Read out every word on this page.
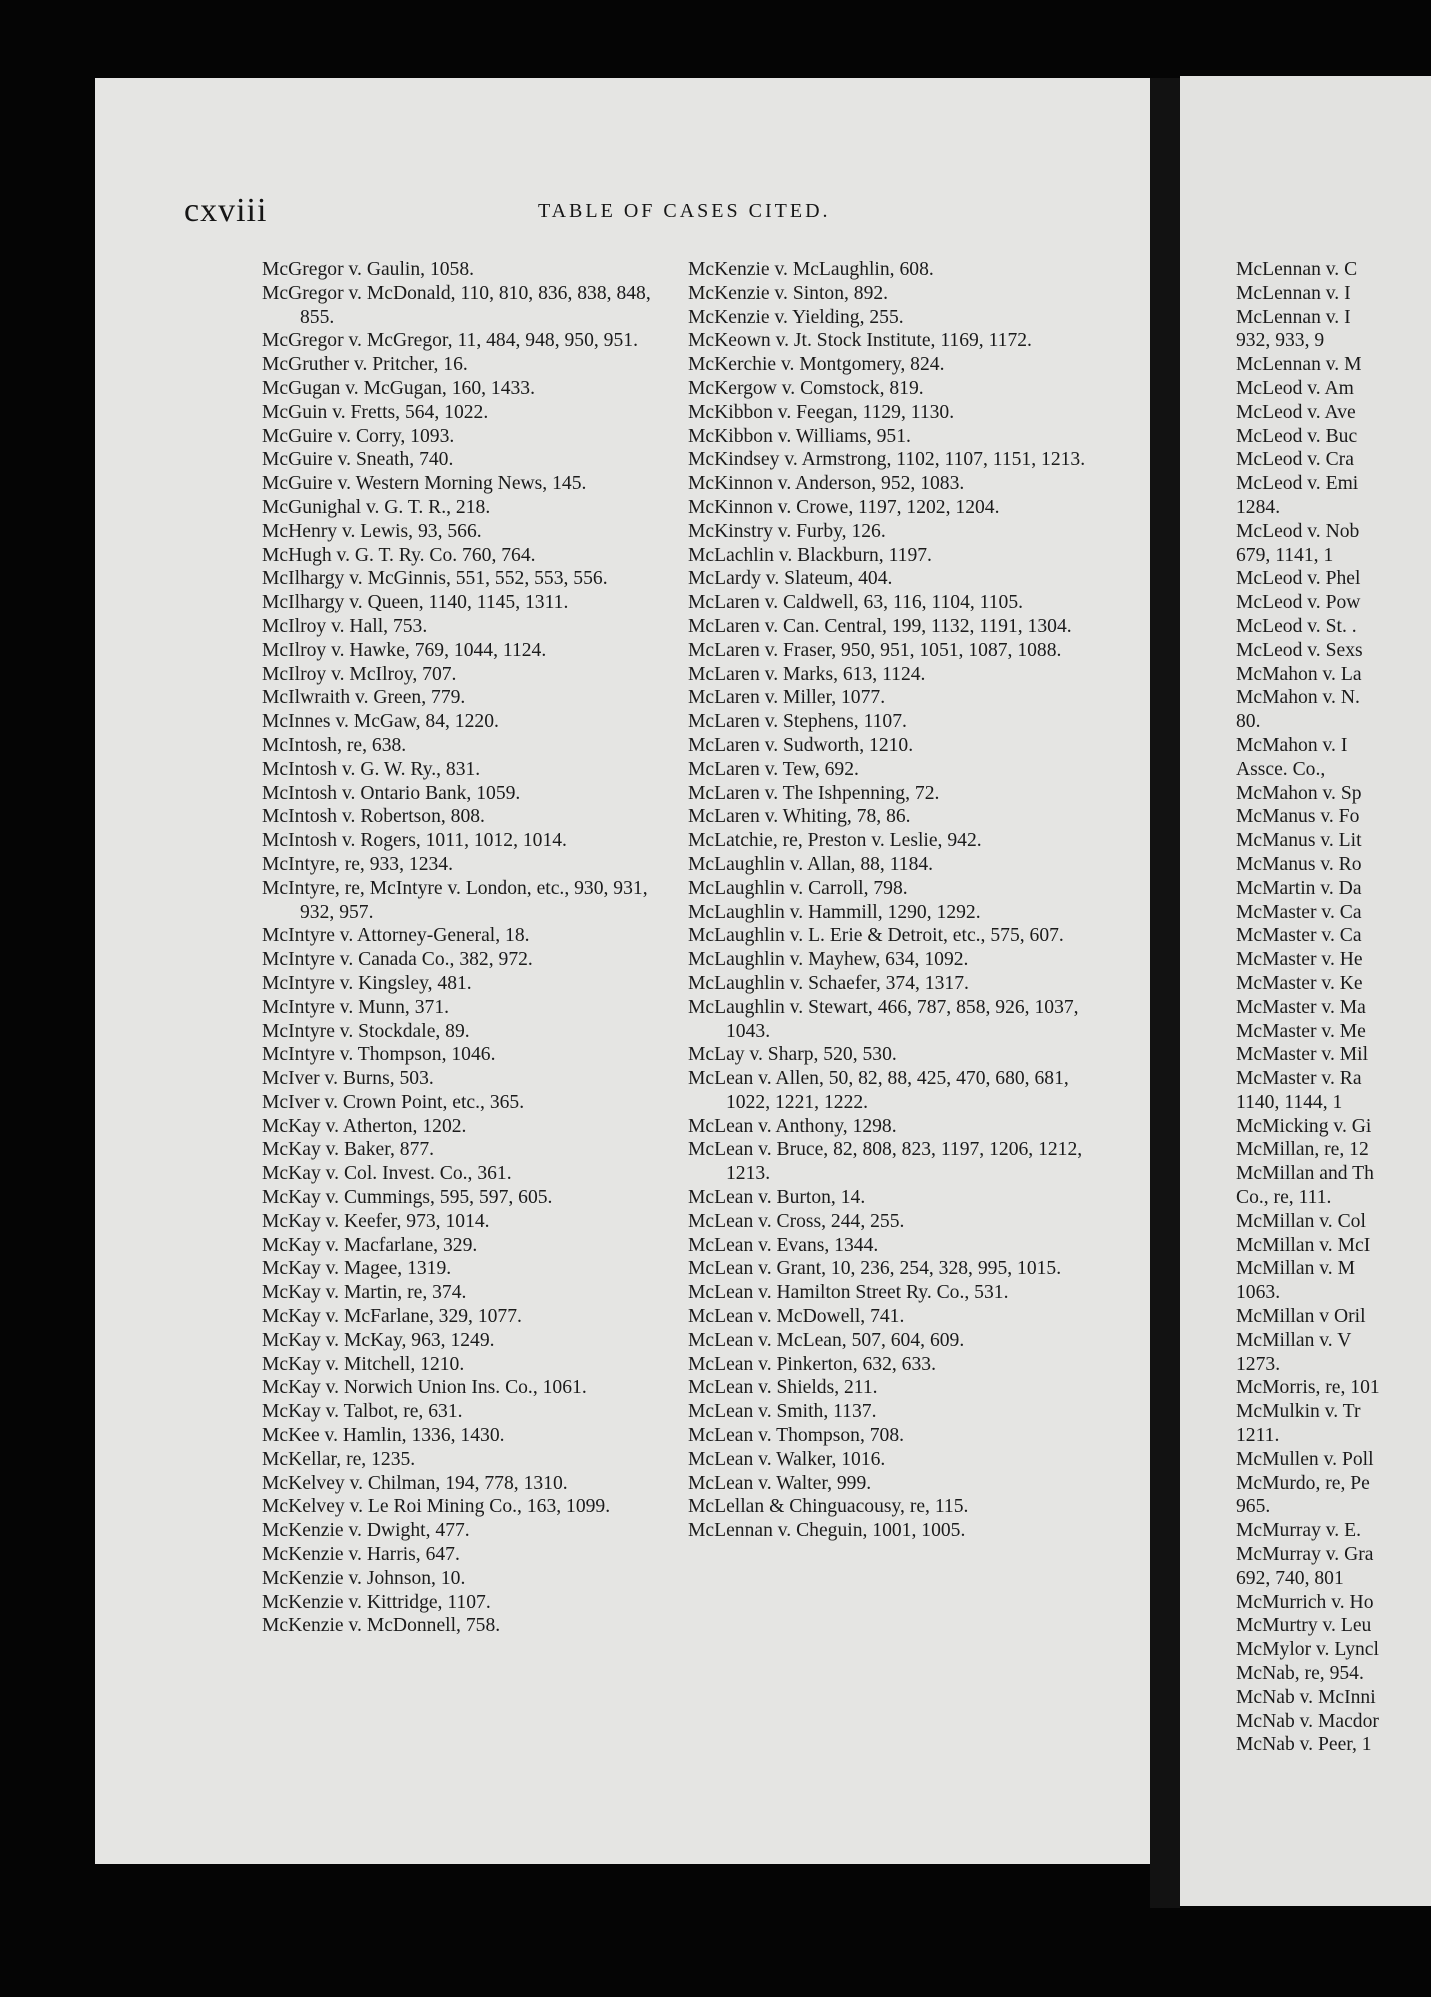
cxviii	TABLE OF CASES CITED.
McGregor v. Gaulin, 1058.
McGregor v. McDonald, 110, 810, 836, 838, 848, 855.
McGregor v. McGregor, 11, 484, 948, 950, 951.
McGruther v. Pritcher, 16.
McGugan v. McGugan, 160, 1433.
McGuin v. Fretts, 564, 1022.
McGuire v. Corry, 1093.
McGuire v. Sneath, 740.
McGuire v. Western Morning News, 145.
McGunighal v. G. T. R., 218.
McHenry v. Lewis, 93, 566.
McHugh v. G. T. Ry. Co. 760, 764.
McIlhargy v. McGinnis, 551, 552, 553, 556.
McIlhargy v. Queen, 1140, 1145, 1311.
McIlroy v. Hall, 753.
McIlroy v. Hawke, 769, 1044, 1124.
McIlroy v. McIlroy, 707.
McIlwraith v. Green, 779.
McInnes v. McGaw, 84, 1220.
McIntosh, re, 638.
McIntosh v. G. W. Ry., 831.
McIntosh v. Ontario Bank, 1059.
McIntosh v. Robertson, 808.
McIntosh v. Rogers, 1011, 1012, 1014.
McIntyre, re, 933, 1234.
McIntyre, re, McIntyre v. London, etc., 930, 931, 932, 957.
McIntyre v. Attorney-General, 18.
McIntyre v. Canada Co., 382, 972.
McIntyre v. Kingsley, 481.
McIntyre v. Munn, 371.
McIntyre v. Stockdale, 89.
McIntyre v. Thompson, 1046.
McIver v. Burns, 503.
McIver v. Crown Point, etc., 365.
McKay v. Atherton, 1202.
McKay v. Baker, 877.
McKay v. Col. Invest. Co., 361.
McKay v. Cummings, 595, 597, 605.
McKay v. Keefer, 973, 1014.
McKay v. Macfarlane, 329.
McKay v. Magee, 1319.
McKay v. Martin, re, 374.
McKay v. McFarlane, 329, 1077.
McKay v. McKay, 963, 1249.
McKay v. Mitchell, 1210.
McKay v. Norwich Union Ins. Co., 1061.
McKay v. Talbot, re, 631.
McKee v. Hamlin, 1336, 1430.
McKellar, re, 1235.
McKelvey v. Chilman, 194, 778, 1310.
McKelvey v. Le Roi Mining Co., 163, 1099.
McKenzie v. Dwight, 477.
McKenzie v. Harris, 647.
McKenzie v. Johnson, 10.
McKenzie v. Kittridge, 1107.
McKenzie v. McDonnell, 758.
McKenzie v. McLaughlin, 608.
McKenzie v. Sinton, 892.
McKenzie v. Yielding, 255.
McKeown v. Jt. Stock Institute, 1169, 1172.
McKerchie v. Montgomery, 824.
McKergow v. Comstock, 819.
McKibbon v. Feegan, 1129, 1130.
McKibbon v. Williams, 951.
McKindsey v. Armstrong, 1102, 1107, 1151, 1213.
McKinnon v. Anderson, 952, 1083.
McKinnon v. Crowe, 1197, 1202, 1204.
McKinstry v. Furby, 126.
McLachlin v. Blackburn, 1197.
McLardy v. Slateum, 404.
McLaren v. Caldwell, 63, 116, 1104, 1105.
McLaren v. Can. Central, 199, 1132, 1191, 1304.
McLaren v. Fraser, 950, 951, 1051, 1087, 1088.
McLaren v. Marks, 613, 1124.
McLaren v. Miller, 1077.
McLaren v. Stephens, 1107.
McLaren v. Sudworth, 1210.
McLaren v. Tew, 692.
McLaren v. The Ishpenning, 72.
McLaren v. Whiting, 78, 86.
McLatchie, re, Preston v. Leslie, 942.
McLaughlin v. Allan, 88, 1184.
McLaughlin v. Carroll, 798.
McLaughlin v. Hammill, 1290, 1292.
McLaughlin v. L. Erie & Detroit, etc., 575, 607.
McLaughlin v. Mayhew, 634, 1092.
McLaughlin v. Schaefer, 374, 1317.
McLaughlin v. Stewart, 466, 787, 858, 926, 1037, 1043.
McLay v. Sharp, 520, 530.
McLean v. Allen, 50, 82, 88, 425, 470, 680, 681, 1022, 1221, 1222.
McLean v. Anthony, 1298.
McLean v. Bruce, 82, 808, 823, 1197, 1206, 1212, 1213.
McLean v. Burton, 14.
McLean v. Cross, 244, 255.
McLean v. Evans, 1344.
McLean v. Grant, 10, 236, 254, 328, 995, 1015.
McLean v. Hamilton Street Ry. Co., 531.
McLean v. McDowell, 741.
McLean v. McLean, 507, 604, 609.
McLean v. Pinkerton, 632, 633.
McLean v. Shields, 211.
McLean v. Smith, 1137.
McLean v. Thompson, 708.
McLean v. Walker, 1016.
McLean v. Walter, 999.
McLellan & Chinguacousy, re, 115.
McLennan v. Cheguin, 1001, 1005.
McLennan v. C
McLennan v. I
McLennan v. I
932, 933, 9
McLennan v. M
McLeod v. Am
McLeod v. Ave
McLeod v. Buc
McLeod v. Cra
McLeod v. Emi
1284.
McLeod v. Nob
679, 1141, 1
McLeod v. Phel
McLeod v. Pow
McLeod v. St. .
McLeod v. Sexs
McMahon v. La
McMahon v. N.
80.
McMahon v. I
Assce. Co.,
McMahon v. Sp
McManus v. Fo
McManus v. Lit
McManus v. Ro
McMartin v. Da
McMaster v. Ca
McMaster v. Ca
McMaster v. He
McMaster v. Ke
McMaster v. Ma
McMaster v. Me
McMaster v. Mil
McMaster v. Ra
1140, 1144, 1
McMicking v. Gi
McMillan, re, 12
McMillan and Th
Co., re, 111.
McMillan v. Col
McMillan v. McI
McMillan v. M
1063.
McMillan v Oril
McMillan v. V
1273.
McMorris, re, 101
McMulkin v. Tr
1211.
McMullen v. Poll
McMurdo, re, Pe
965.
McMurray v. E.
McMurray v. Gra
692, 740, 801
McMurrich v. Ho
McMurtry v. Leu
McMylor v. Lyncl
McNab, re, 954.
McNab v. McInni
McNab v. Macdor
McNab v. Peer, 1
